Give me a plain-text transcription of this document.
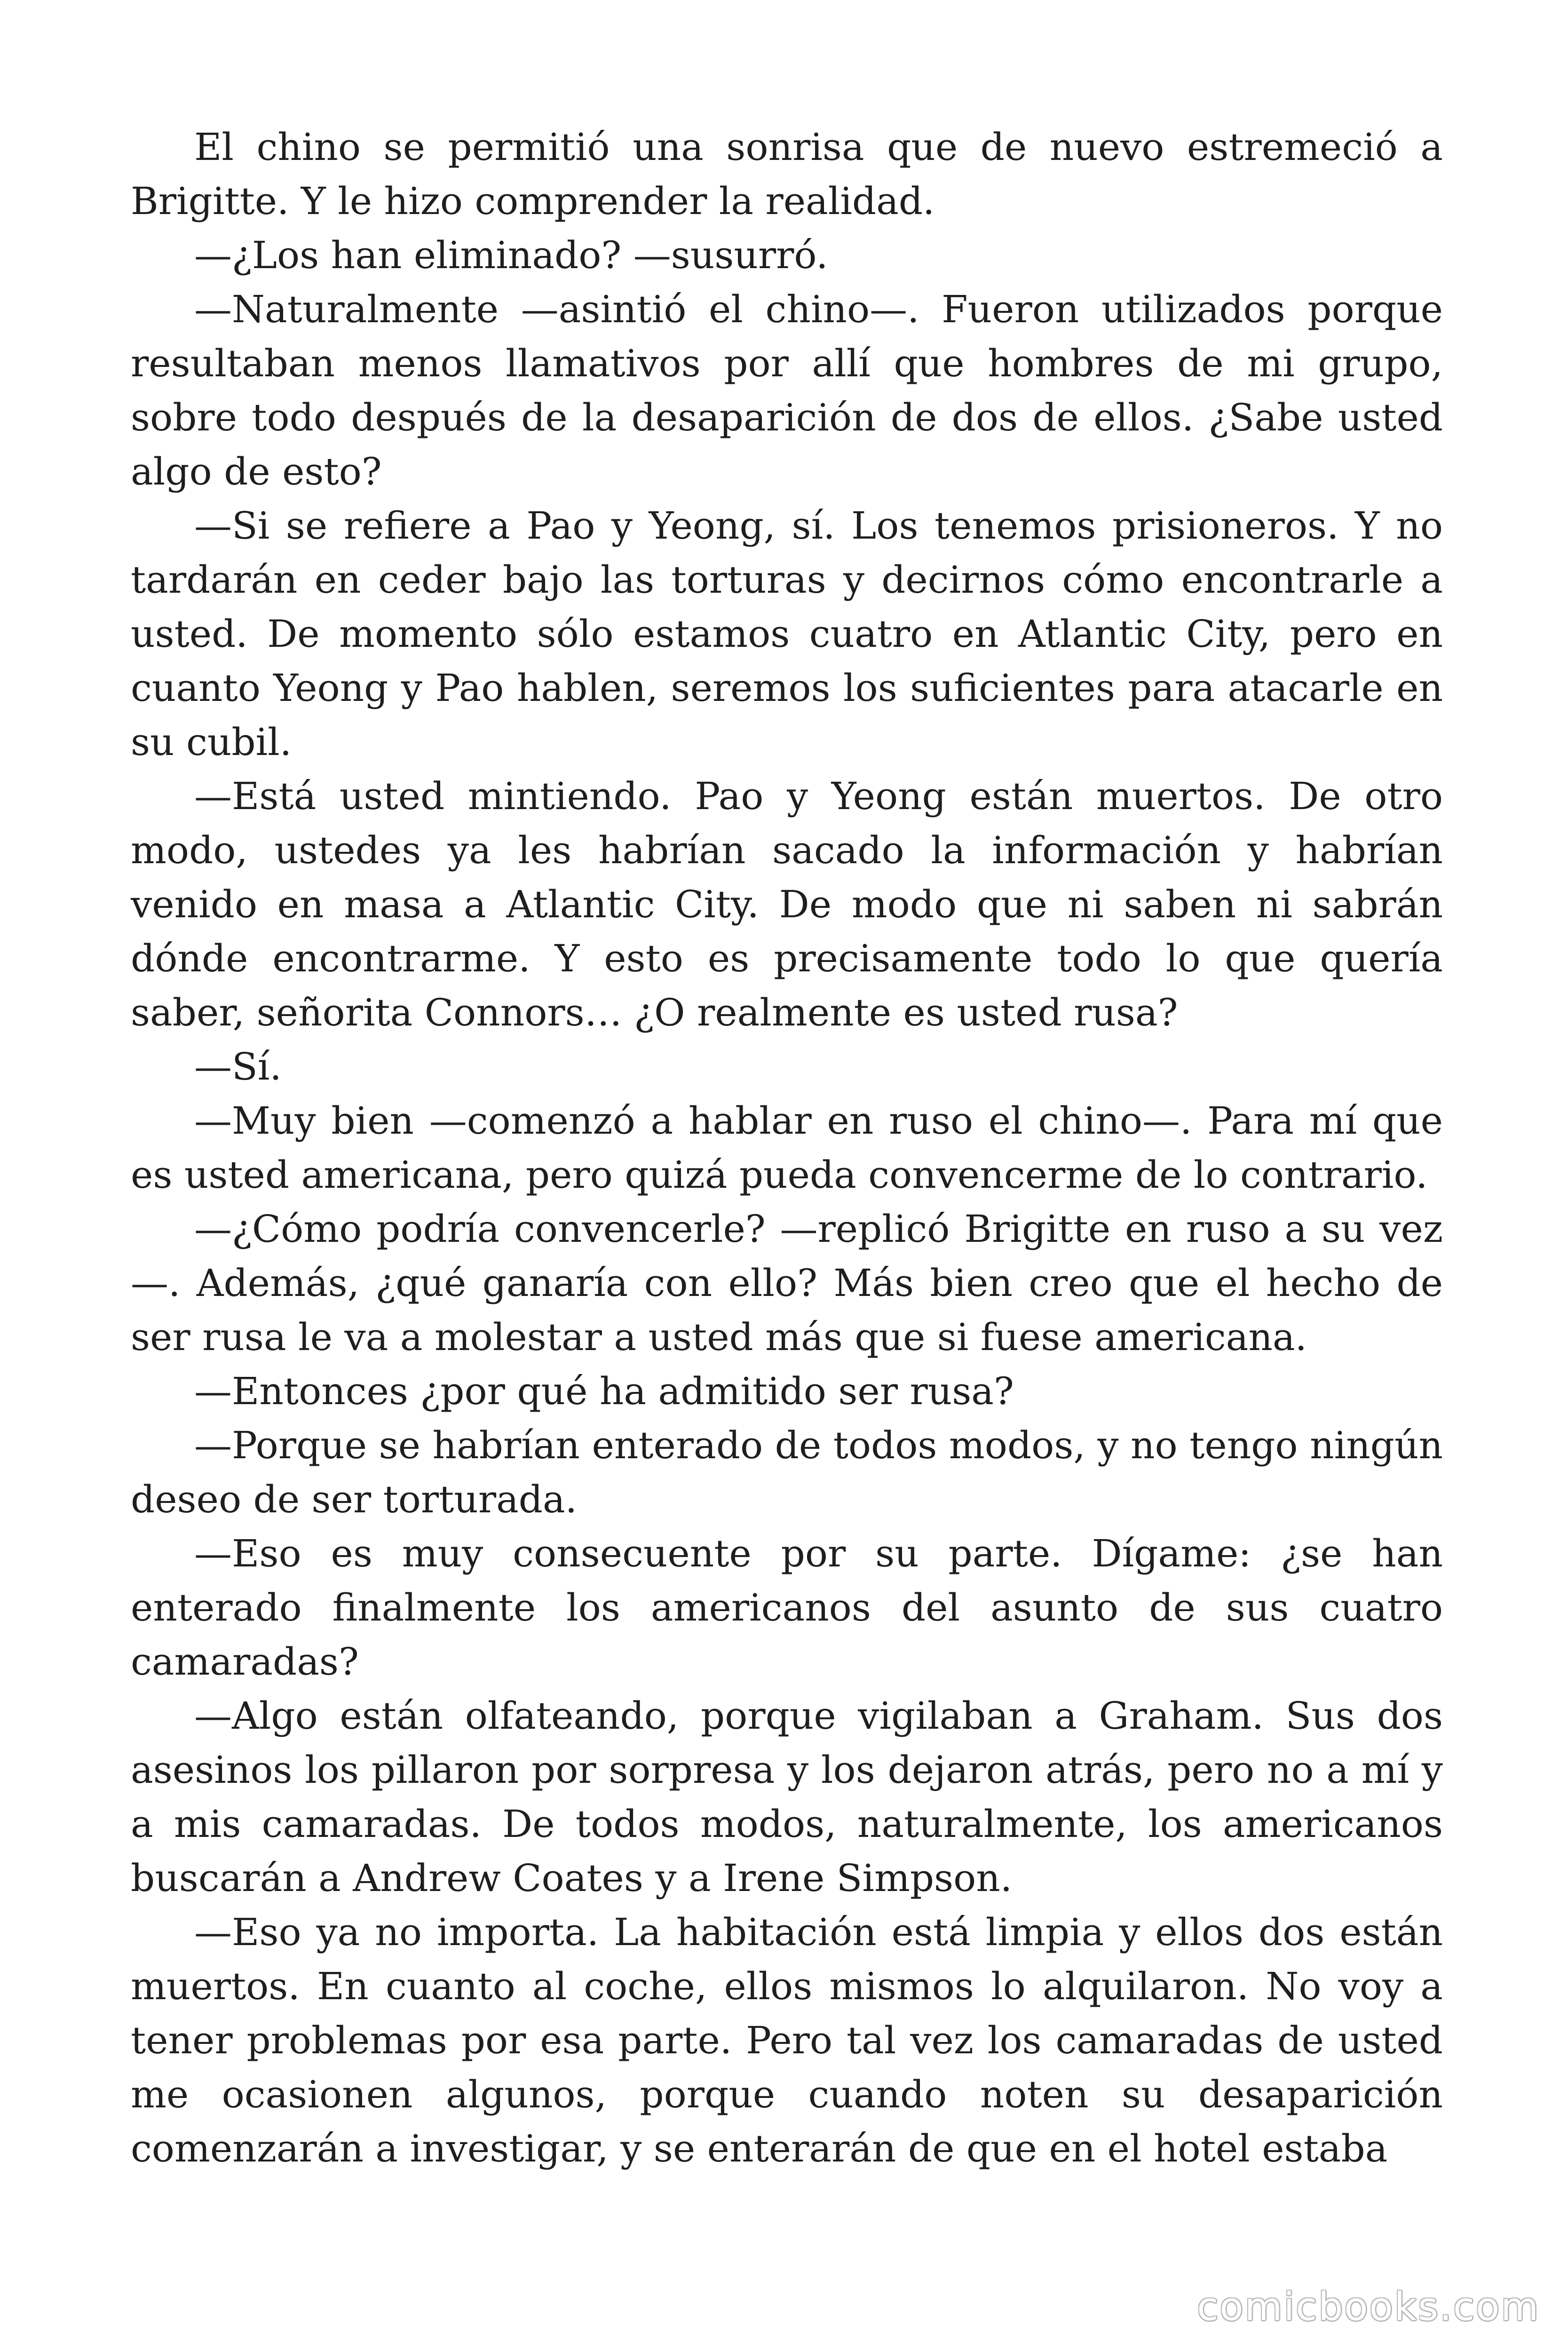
El chino se permitió una sonrisa que de nuevo estremeció a Brigitte. Y le hizo comprender la realidad.

—¿Los han eliminado? —susurró.

—Naturalmente —asintió el chino—. Fueron utilizados porque resultaban menos llamativos por allí que hombres de mi grupo, sobre todo después de la desaparición de dos de ellos. ¿Sabe usted algo de esto?

—Si se refiere a Pao y Yeong, sí. Los tenemos prisioneros. Y no tardarán en ceder bajo las torturas y decirnos cómo encontrarle a usted. De momento sólo estamos cuatro en Atlantic City, pero en cuanto Yeong y Pao hablen, seremos los suficientes para atacarle en su cubil.

—Está usted mintiendo. Pao y Yeong están muertos. De otro modo, ustedes ya les habrían sacado la información y habrían venido en masa a Atlantic City. De modo que ni saben ni sabrán dónde encontrarme. Y esto es precisamente todo lo que quería saber, señorita Connors… ¿O realmente es usted rusa?

—Sí.

—Muy bien —comenzó a hablar en ruso el chino—. Para mí que es usted americana, pero quizá pueda convencerme de lo contrario.

—¿Cómo podría convencerle? —replicó Brigitte en ruso a su vez —. Además, ¿qué ganaría con ello? Más bien creo que el hecho de ser rusa le va a molestar a usted más que si fuese americana.

—Entonces ¿por qué ha admitido ser rusa?

—Porque se habrían enterado de todos modos, y no tengo ningún deseo de ser torturada.

—Eso es muy consecuente por su parte. Dígame: ¿se han enterado finalmente los americanos del asunto de sus cuatro camaradas?

—Algo están olfateando, porque vigilaban a Graham. Sus dos asesinos los pillaron por sorpresa y los dejaron atrás, pero no a mí y a mis camaradas. De todos modos, naturalmente, los americanos buscarán a Andrew Coates y a Irene Simpson.

—Eso ya no importa. La habitación está limpia y ellos dos están muertos. En cuanto al coche, ellos mismos lo alquilaron. No voy a tener problemas por esa parte. Pero tal vez los camaradas de usted me ocasionen algunos, porque cuando noten su desaparición comenzarán a investigar, y se enterarán de que en el hotel estaba

comicbooks.com
